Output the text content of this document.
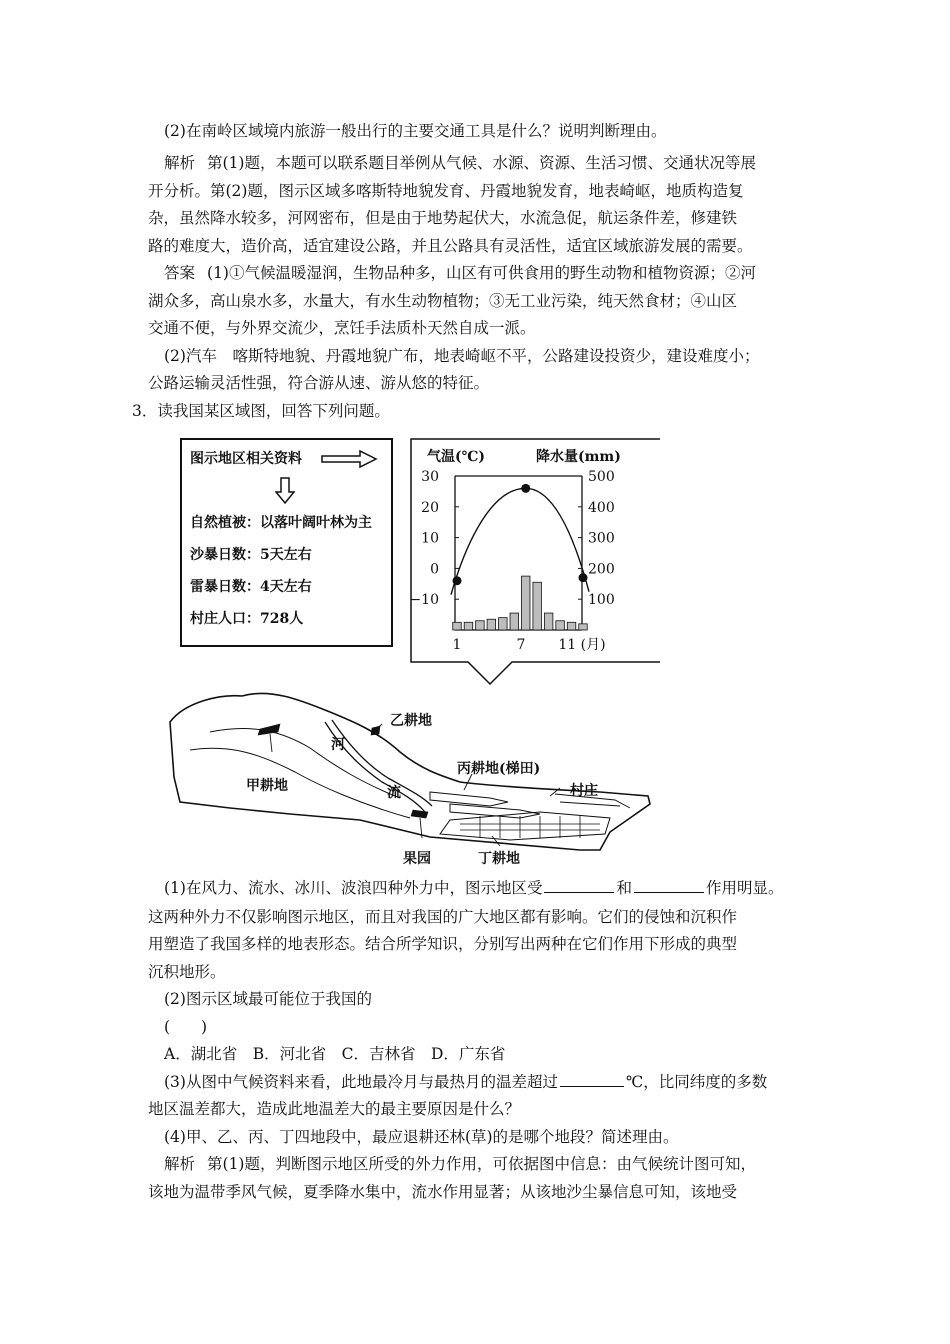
(2)在南岭区域境内旅游一般出行的主要交通工具是什么？说明判断理由。
解析 第(1)题，本题可以联系题目举例从气候、水源、资源、生活习惯、交通状况等展
开分析。第(2)题，图示区域多喀斯特地貌发育、丹霞地貌发育，地表崎岖，地质构造复
杂，虽然降水较多，河网密布，但是由于地势起伏大，水流急促，航运条件差，修建铁
路的难度大，造价高，适宜建设公路，并且公路具有灵活性，适宜区域旅游发展的需要。
答案 (1)①气候温暖湿润，生物品种多，山区有可供食用的野生动物和植物资源；②河
湖众多，高山泉水多，水量大，有水生动物植物；③无工业污染，纯天然食材；④山区
交通不便，与外界交流少，烹饪手法质朴天然自成一派。
(2)汽车　喀斯特地貌、丹霞地貌广布，地表崎岖不平，公路建设投资少，建设难度小；
公路运输灵活性强，符合游从速、游从悠的特征。
3．读我国某区域图，回答下列问题。
图示地区相关资料
自然植被：以落叶阔叶林为主
沙暴日数：5天左右
雷暴日数：4天左右
村庄人口：728人
气温(℃)	降水量(mm)
30
20
10
0
−10
500
400
300
200
100
1	7 11 (月)
乙耕地
河
丙耕地(梯田)
村庄
甲耕地	流
果园	丁耕地
(1)在风力、流水、冰川、波浪四种外力中，图示地区受	和	作用明显。
这两种外力不仅影响图示地区，而且对我国的广大地区都有影响。它们的侵蚀和沉积作
用塑造了我国多样的地表形态。结合所学知识，分别写出两种在它们作用下形成的典型
沉积地形。
(2)图示区域最可能位于我国的
(　　)
A．湖北省　B．河北省　C．吉林省　D．广东省
(3)从图中气候资料来看，此地最冷月与最热月的温差超过	℃，比同纬度的多数
地区温差都大，造成此地温差大的最主要原因是什么？
(4)甲、乙、丙、丁四地段中，最应退耕还林(草)的是哪个地段？简述理由。
解析 第(1)题，判断图示地区所受的外力作用，可依据图中信息：由气候统计图可知，
该地为温带季风气候，夏季降水集中，流水作用显著；从该地沙尘暴信息可知，该地受
